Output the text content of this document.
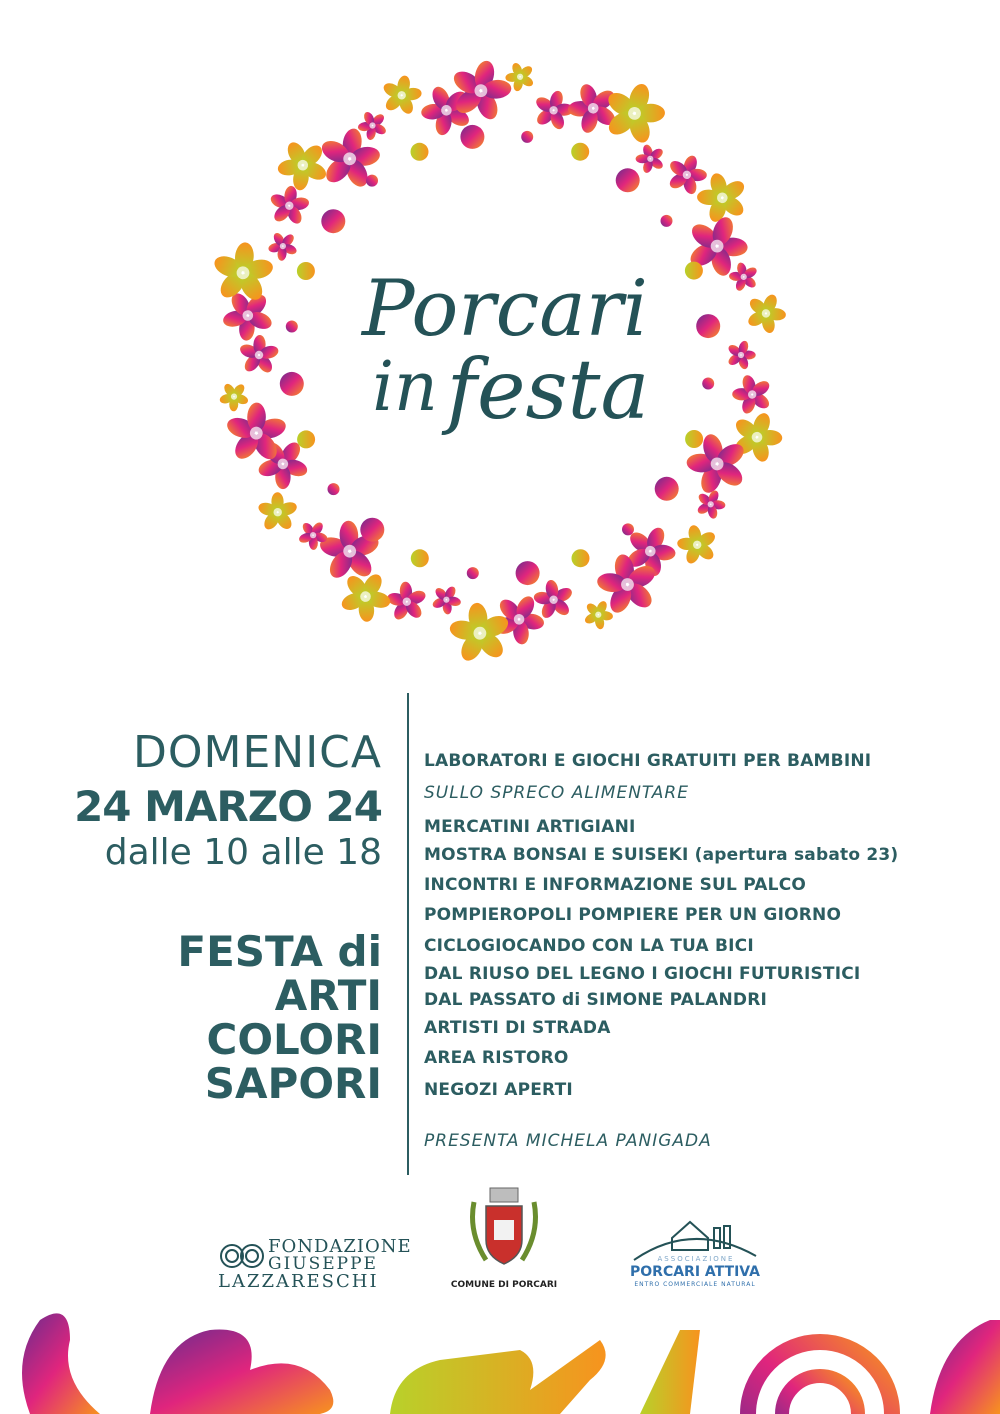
Porcari
in festa
DOMENICA
24 MARZO 24
dalle 10 alle 18
FESTA di
ARTI
COLORI
SAPORI
LABORATORI E GIOCHI GRATUITI PER BAMBINI
SULLO SPRECO ALIMENTARE
MERCATINI ARTIGIANI
MOSTRA BONSAI E SUISEKI (apertura sabato 23)
INCONTRI E INFORMAZIONE SUL PALCO
POMPIEROPOLI POMPIERE PER UN GIORNO
CICLOGIOCANDO CON LA TUA BICI
DAL RIUSO DEL LEGNO I GIOCHI FUTURISTICI
DAL PASSATO di SIMONE PALANDRI
ARTISTI DI STRADA
AREA RISTORO
NEGOZI APERTI
PRESENTA MICHELA PANIGADA
FONDAZIONE
GIUSEPPE
LAZZARESCHI	COMUNE DI PORCARI
ASSOCIAZIONE
PORCARI ATTIVA
ENTRO COMMERCIALE NATURAL
